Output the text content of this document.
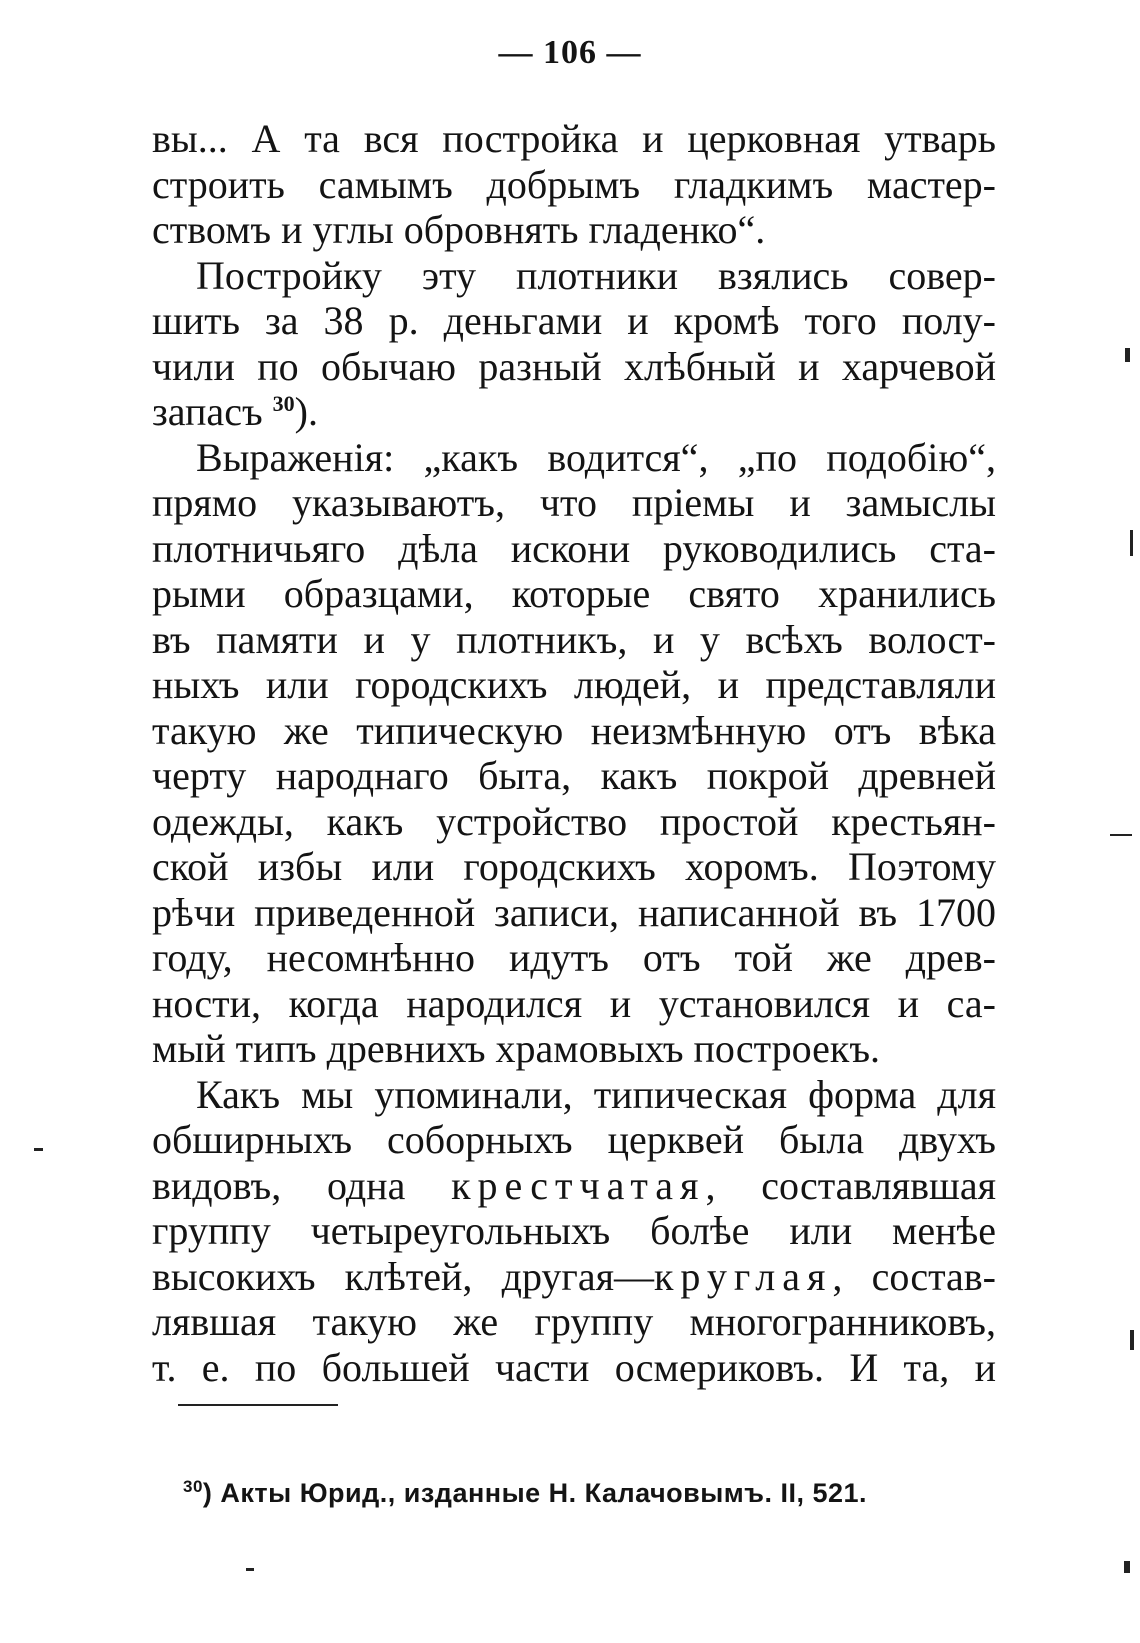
— 106 —
вы... А та вся постройка и церковная утварь
строить самымъ добрымъ гладкимъ мастер-
ствомъ и углы обровнять гладенко“.
Постройку эту плотники взялись совер-
шить за 38 р. деньгами и кромѣ того полу-
чили по обычаю разный хлѣбный и харчевой
запасъ $^{30}$).
Выраженія: „какъ водится“, „по подобію“,
прямо указываютъ, что пріемы и замыслы
плотничьяго дѣла искони руководились ста-
рыми образцами, которые свято хранились
въ памяти и у плотникъ, и у всѣхъ волост-
ныхъ или городскихъ людей, и представляли
такую же типическую неизмѣнную отъ вѣка
черту народнаго быта, какъ покрой древней
одежды, какъ устройство простой крестьян-
ской избы или городскихъ хоромъ. Поэтому
рѣчи приведенной записи, написанной въ 1700
году, несомнѣнно идутъ отъ той же древ-
ности, когда народился и установился и са-
мый типъ древнихъ храмовыхъ построекъ.
Какъ мы упоминали, типическая форма для
обширныхъ соборныхъ церквей была двухъ
видовъ, одна крестчатая, составлявшая
группу четыреугольныхъ болѣе или менѣе
высокихъ клѣтей, другая—круглая, состав-
лявшая такую же группу многогранниковъ,
т. е. по большей части осмериковъ. И та, и
$^{30}$) Акты Юрид., изданные Н. Калачовымъ. II, 521.
